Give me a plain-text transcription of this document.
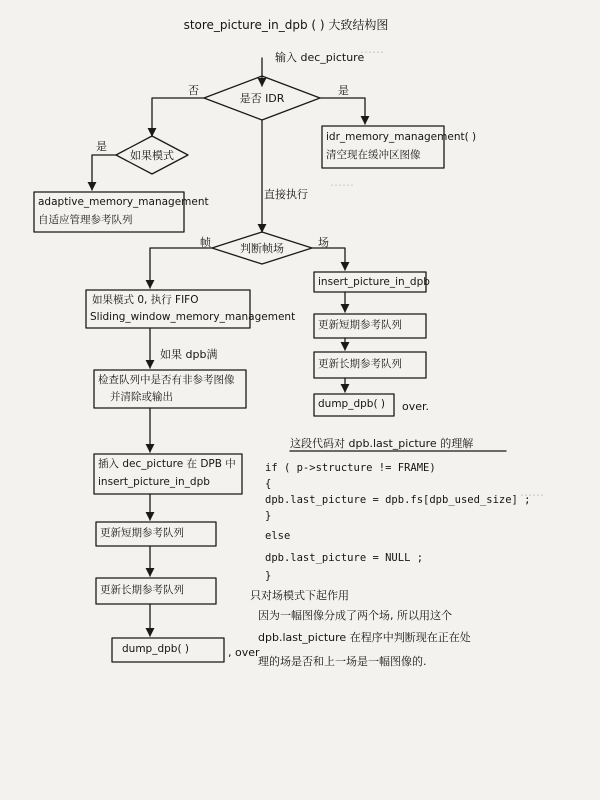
……
……
……
store_picture_in_dpb ( ) 大致结构图
输入 dec_picture
是否 IDR
是
否
idr_memory_management( )
清空现在缓冲区图像
如果模式
是
adaptive_memory_management
自适应管理参考队列
直接执行
判断帧场
帧	场
如果模式 0, 执行 FIFO
Sliding_window_memory_management
如果 dpb满
检查队列中是否有非参考图像
并清除或输出
插入 dec_picture 在 DPB 中
insert_picture_in_dpb
更新短期参考队列
更新长期参考队列
dump_dpb( )	, over
insert_picture_in_dpb
更新短期参考队列
更新长期参考队列
dump_dpb( ) over.
这段代码对 dpb.last_picture 的理解
if ( p->structure != FRAME)
{
dpb.last_picture = dpb.fs[dpb_used_size] ;
}
else
dpb.last_picture = NULL ;
}
只对场模式下起作用
因为一幅图像分成了两个场, 所以用这个
dpb.last_picture 在程序中判断现在正在处
理的场是否和上一场是一幅图像的.
